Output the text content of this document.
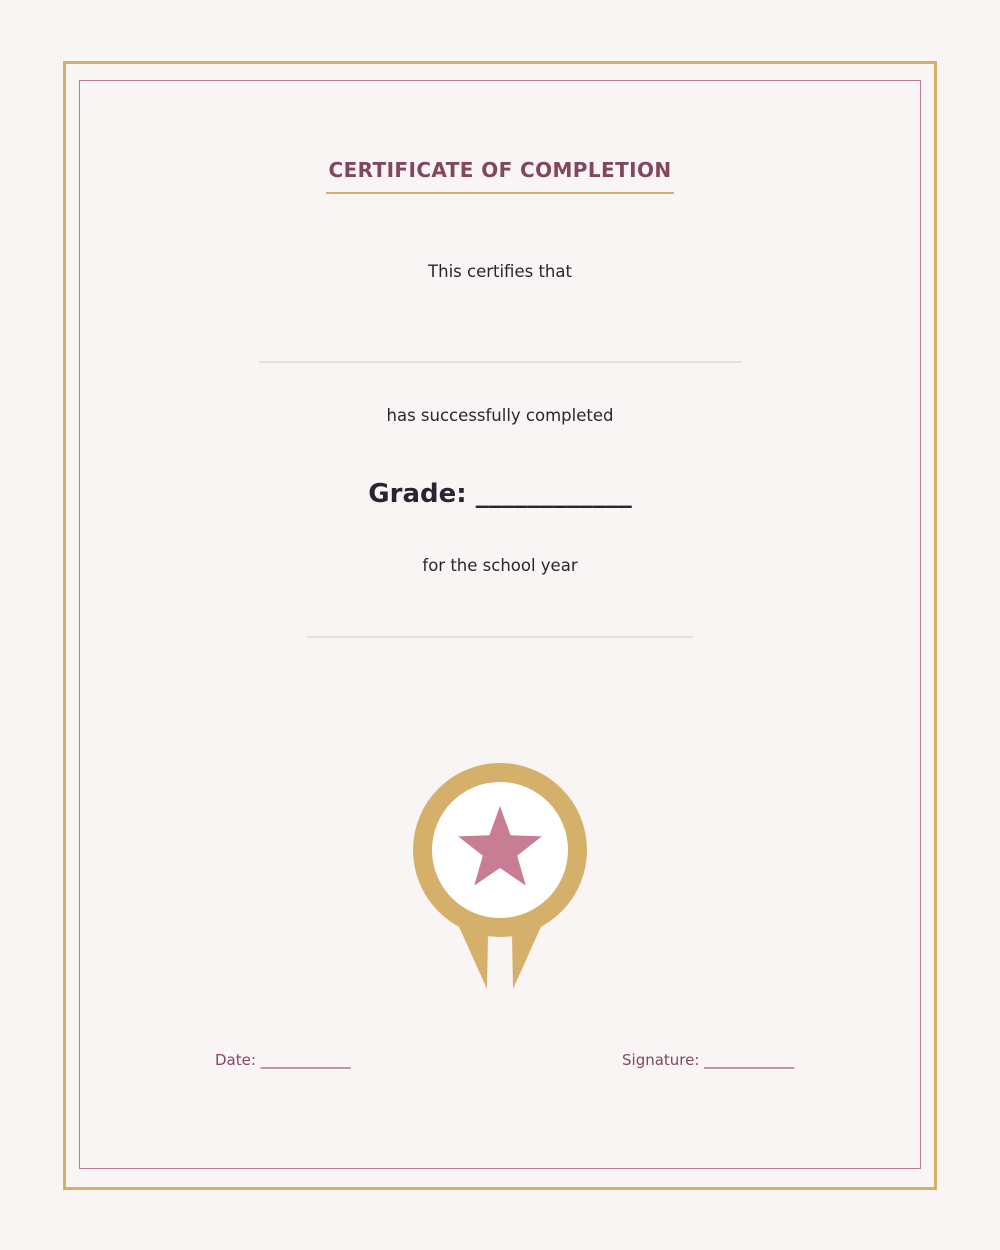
CERTIFICATE OF COMPLETION
This certifies that
has successfully completed
Grade: ____________
for the school year
Date: ____________	Signature: ____________
